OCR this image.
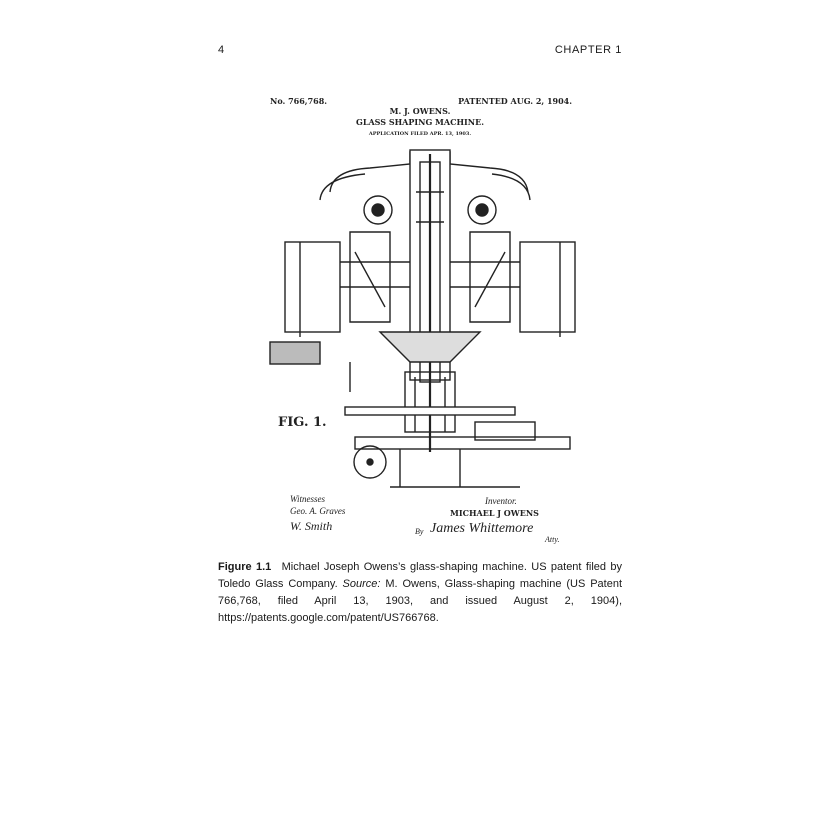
4	CHAPTER 1
No. 766,768.	PATENTED AUG. 2, 1904.
M. J. OWENS.
GLASS SHAPING MACHINE.
APPLICATION FILED APR. 13, 1903.
FIG. 1.
Witnesses
Geo. A. Graves
W. Smith
Inventor.
MICHAEL J OWENS
By James Whittemore
Atty.
Figure 1.1 Michael Joseph Owens’s glass-shaping machine. US patent filed by Toledo Glass Company. Source: M. Owens, Glass-shaping machine (US Patent 766,768, filed April 13, 1903, and issued August 2, 1904), https://patents.google.com/patent/US766768.
